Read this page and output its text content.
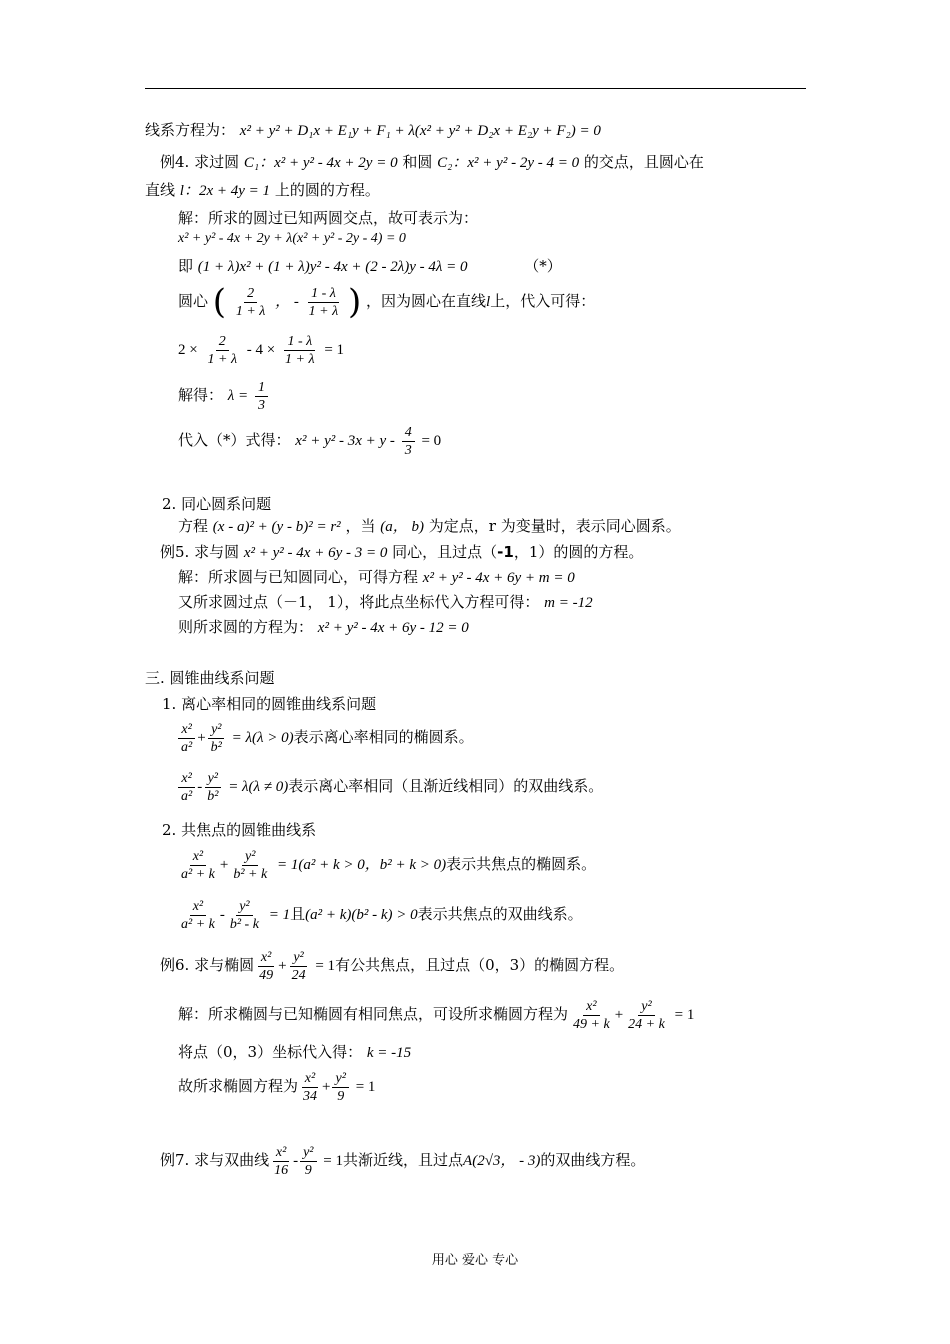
线系方程为： x² + y² + D₁x + E₁y + F₁ + λ(x² + y² + D₂x + E₂y + F₂) = 0
例4. 求过圆 C₁：x² + y² - 4x + 2y = 0 和圆 C₂：x² + y² - 2y - 4 = 0 的交点，且圆心在
直线 l：2x + 4y = 1 上的圆的方程。
解：所求的圆过已知两圆交点，故可表示为：
x² + y² - 4x + 2y + λ(x² + y² - 2y - 4) = 0
即 (1 + λ)x² + (1 + λ)y² - 4x + (2 - 2λ)y - 4λ = 0	（*）
圆心 ( $\frac{2}{1 + \lambda}$ ， - $\frac{1 - \lambda}{1 + \lambda}$ ) ，因为圆心在直线l上，代入可得：
$2 \times \frac{2}{1 + \lambda} - 4 \times \frac{1 - \lambda}{1 + \lambda} = 1$
解得： $\lambda = \frac{1}{3}$
代入（*）式得： $x^2 + y^2 - 3x + y - \frac{4}{3} = 0$
2. 同心圆系问题
方程 (x - a)² + (y - b)² = r² ，当 (a， b) 为定点，r 为变量时，表示同心圆系。
例5. 求与圆 x² + y² - 4x + 6y - 3 = 0 同心，且过点（-1，1）的圆的方程。
解：所求圆与已知圆同心，可得方程 x² + y² - 4x + 6y + m = 0
又所求圆过点（－1， 1），将此点坐标代入方程可得： m = -12
则所求圆的方程为： x² + y² - 4x + 6y - 12 = 0
三. 圆锥曲线系问题
1. 离心率相同的圆锥曲线系问题
$\frac{\text{x²}}{\text{a²}} + \frac{\text{y²}}{\text{b²}} = \lambda(\lambda > 0)$表示离心率相同的椭圆系。
$\frac{\text{x²}}{\text{a²}} - \frac{\text{y²}}{\text{b²}} = \lambda(\lambda \ne 0)$表示离心率相同（且渐近线相同）的双曲线系。
2. 共焦点的圆锥曲线系
$\frac{\text{x²}}{\text{a² + k}} + \frac{\text{y²}}{\text{b² + k}} = 1(a^2 + k > 0$，b² + k > 0)表示共焦点的椭圆系。
$\frac{\text{x²}}{\text{a² + k}} - \frac{\text{y²}}{\text{b² - k}} = 1$且(a² + k)(b² - k) > 0表示共焦点的双曲线系。
例6. 求与椭圆 $\frac{\text{x²}}{49} + \frac{\text{y²}}{24} = 1$有公共焦点，且过点（0，3）的椭圆方程。
解：所求椭圆与已知椭圆有相同焦点，可设所求椭圆方程为 $\frac{\text{x²}}{49 + k} + \frac{\text{y²}}{24 + k} = 1$
将点（0，3）坐标代入得： k = -15
故所求椭圆方程为 $\frac{\text{x²}}{34} + \frac{\text{y²}}{9} = 1$
例7. 求与双曲线 $\frac{\text{x²}}{16} - \frac{\text{y²}}{9} = 1$共渐近线，且过点A(2√3， - 3)的双曲线方程。
用心 爱心 专心
